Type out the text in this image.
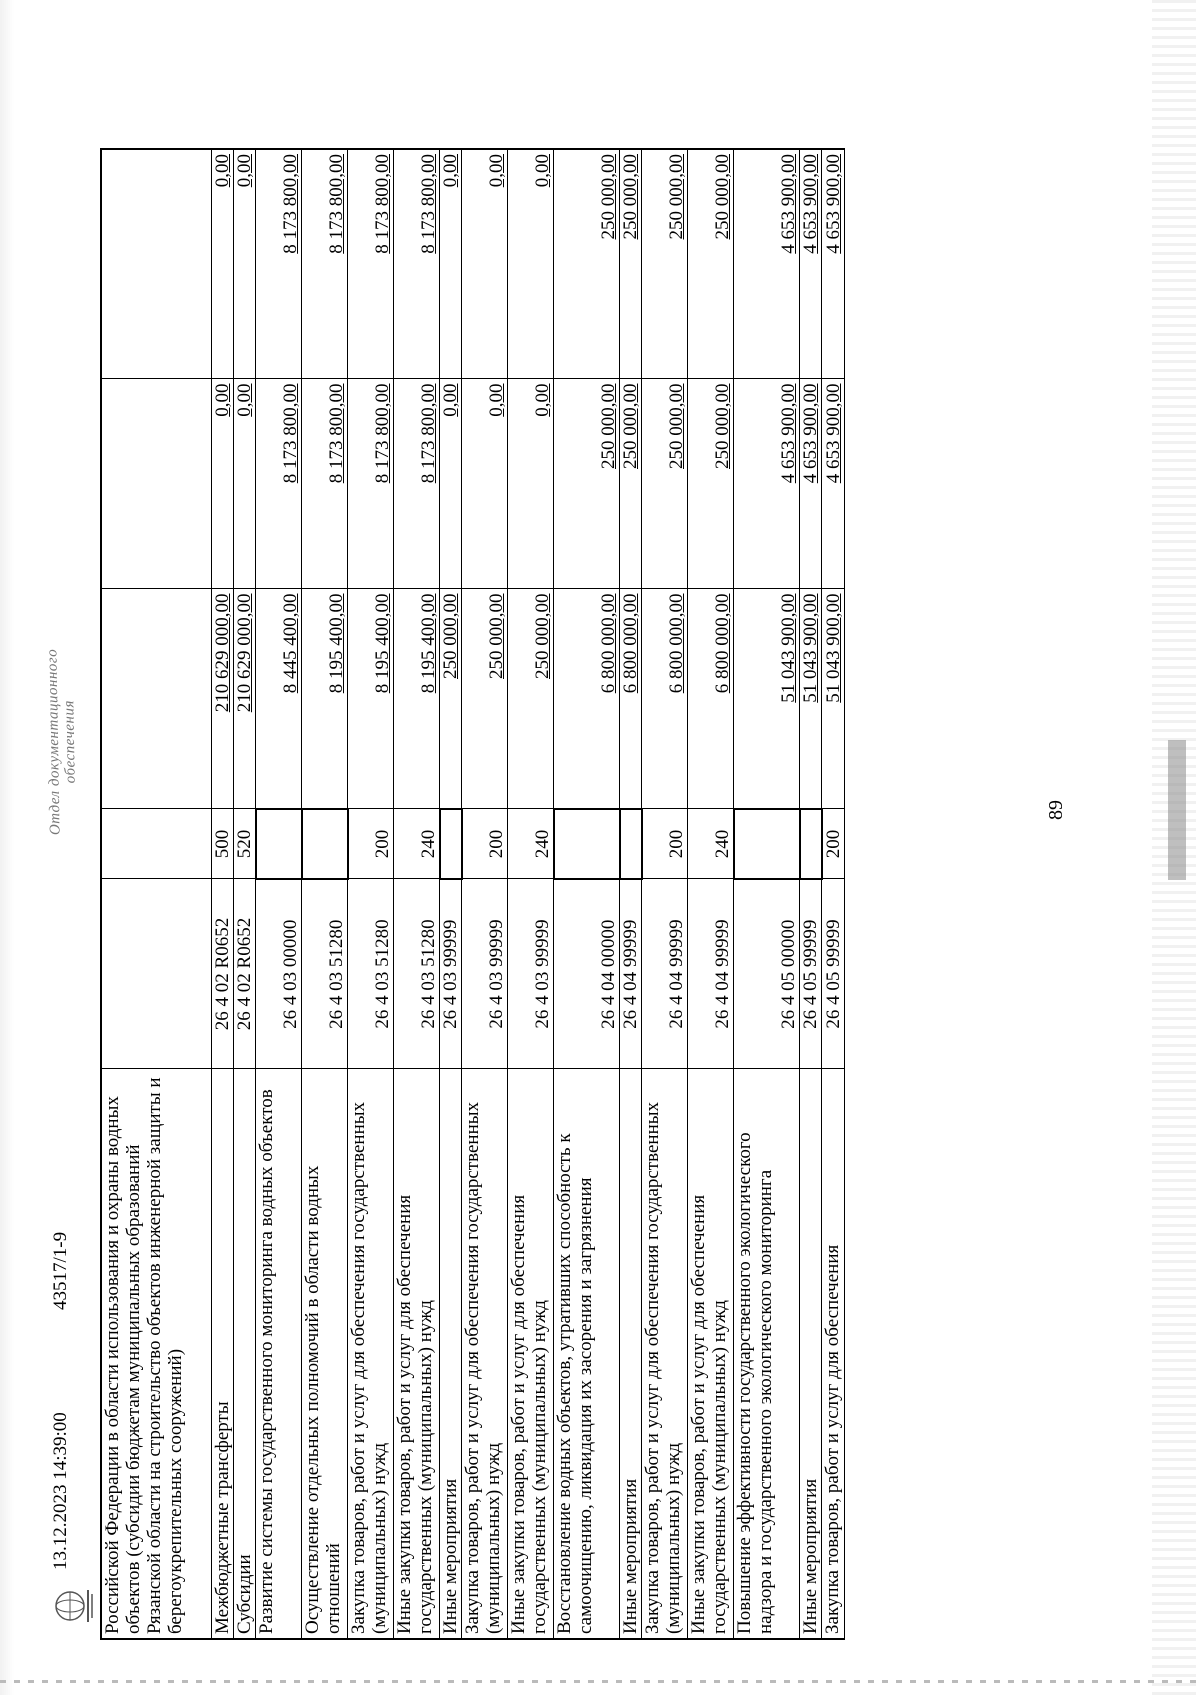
89
Российской Федерации в области использования и охраны водных объектов (субсидии бюджетам муниципальных образований Рязанской области на строительство объектов инженерной защиты и берегоукрепительных сооружений)					
Межбюджетные трансферты	26 4 02 R0652	500	210 629 000,00	0,00	0,00
Субсидии	26 4 02 R0652	520	210 629 000,00	0,00	0,00
Развитие системы государственного мониторинга водных объектов	26 4 03 00000		8 445 400,00	8 173 800,00	8 173 800,00
Осуществление отдельных полномочий в области водных отношений	26 4 03 51280		8 195 400,00	8 173 800,00	8 173 800,00
Закупка товаров, работ и услуг для обеспечения государственных (муниципальных) нужд	26 4 03 51280	200	8 195 400,00	8 173 800,00	8 173 800,00
Иные закупки товаров, работ и услуг для обеспечения государственных (муниципальных) нужд	26 4 03 51280	240	8 195 400,00	8 173 800,00	8 173 800,00
Иные мероприятия	26 4 03 99999		250 000,00	0,00	0,00
Закупка товаров, работ и услуг для обеспечения государственных (муниципальных) нужд	26 4 03 99999	200	250 000,00	0,00	0,00
Иные закупки товаров, работ и услуг для обеспечения государственных (муниципальных) нужд	26 4 03 99999	240	250 000,00	0,00	0,00
Восстановление водных объектов, утративших способность к самоочищению, ликвидация их засорения и загрязнения	26 4 04 00000		6 800 000,00	250 000,00	250 000,00
Иные мероприятия	26 4 04 99999		6 800 000,00	250 000,00	250 000,00
Закупка товаров, работ и услуг для обеспечения государственных (муниципальных) нужд	26 4 04 99999	200	6 800 000,00	250 000,00	250 000,00
Иные закупки товаров, работ и услуг для обеспечения государственных (муниципальных) нужд	26 4 04 99999	240	6 800 000,00	250 000,00	250 000,00
Повышение эффективности государственного экологического надзора и государственного экологического мониторинга	26 4 05 00000		51 043 900,00	4 653 900,00	4 653 900,00
Иные мероприятия	26 4 05 99999		51 043 900,00	4 653 900,00	4 653 900,00
Закупка товаров, работ и услуг для обеспечения	26 4 05 99999	200	51 043 900,00	4 653 900,00	4 653 900,00
13.12.2023 14:39:00
43517/1-9
Отдел документационного
обеспечения
